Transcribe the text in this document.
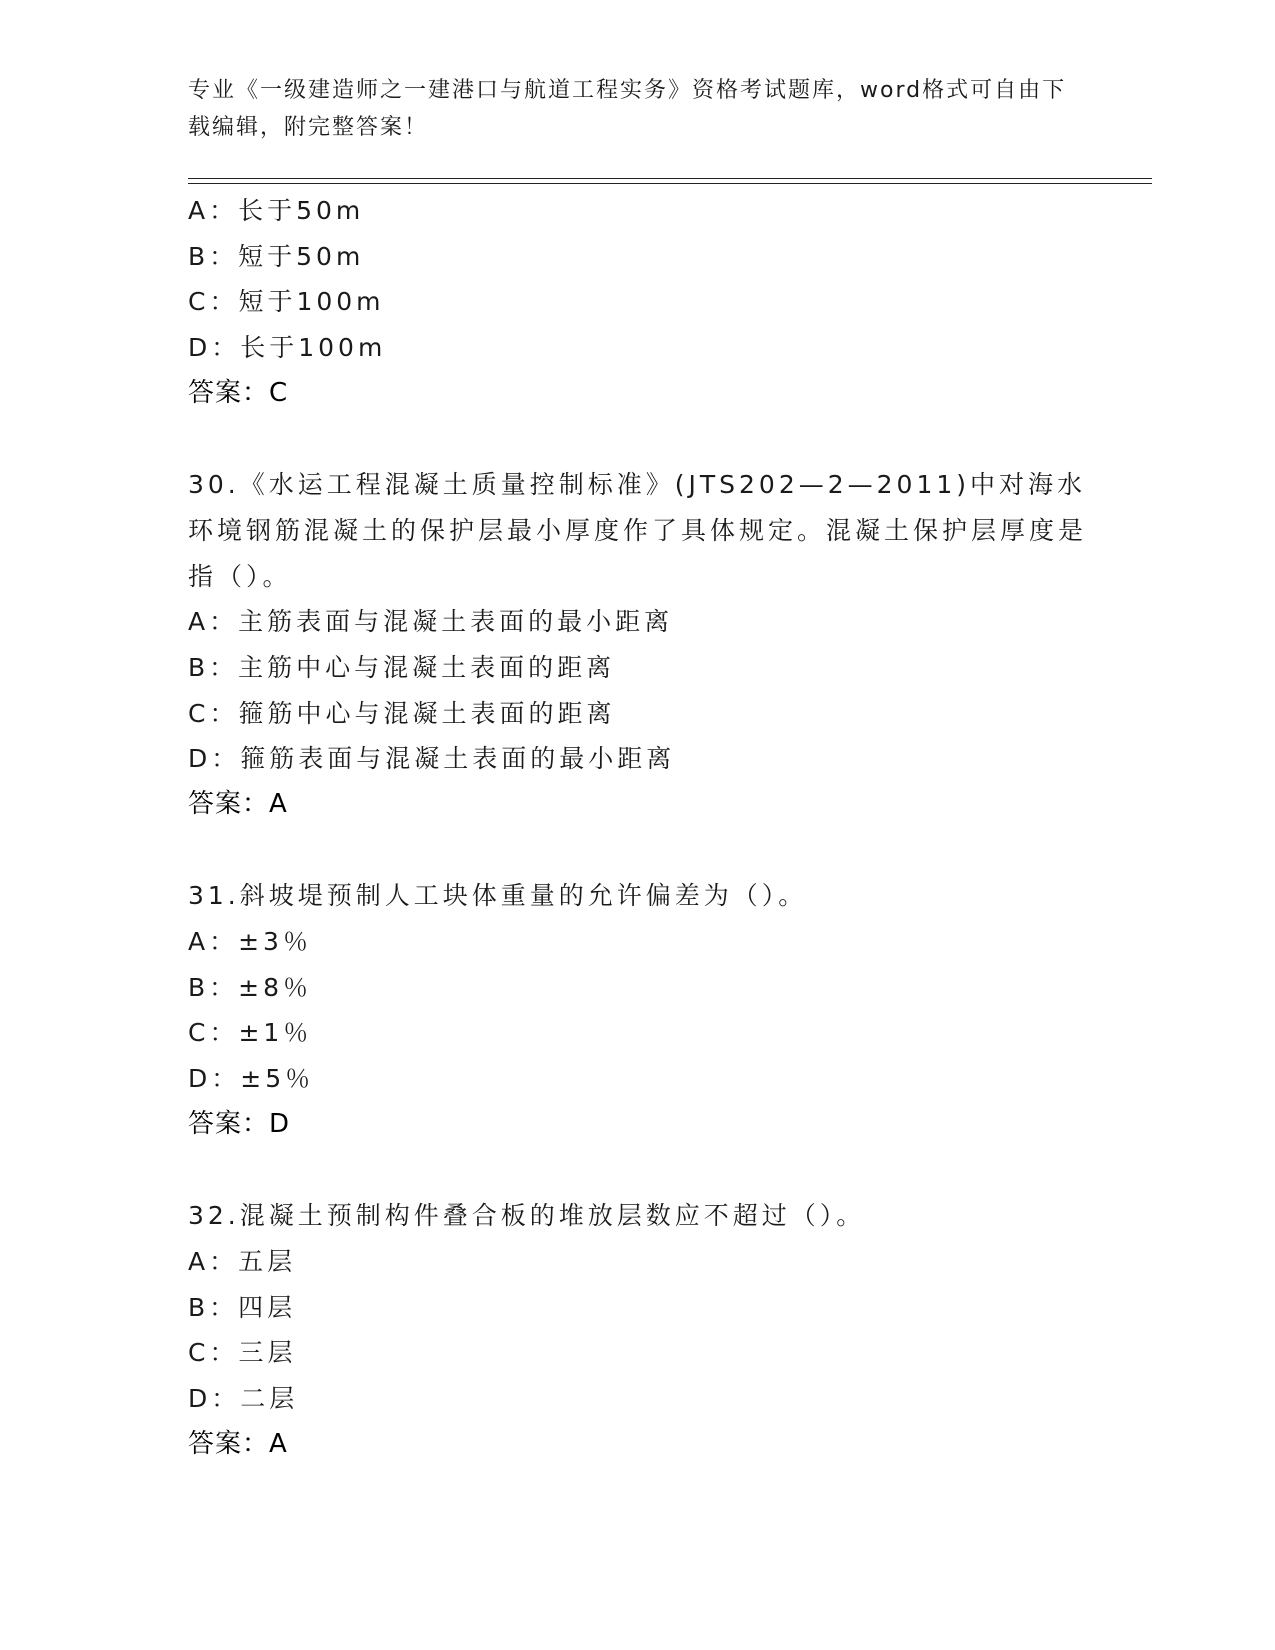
专业《一级建造师之一建港口与航道工程实务》资格考试题库，word格式可自由下载编辑，附完整答案！
A：长于50m
B：短于50m
C：短于100m
D：长于100m
答案：C
30.《水运工程混凝土质量控制标准》(JTS202—2—2011)中对海水环境钢筋混凝土的保护层最小厚度作了具体规定。混凝土保护层厚度是指（）。
A：主筋表面与混凝土表面的最小距离
B：主筋中心与混凝土表面的距离
C：箍筋中心与混凝土表面的距离
D：箍筋表面与混凝土表面的最小距离
答案：A
31.斜坡堤预制人工块体重量的允许偏差为（）。
A：±3％
B：±8％
C：±1％
D：±5％
答案：D
32.混凝土预制构件叠合板的堆放层数应不超过（）。
A：五层
B：四层
C：三层
D：二层
答案：A
